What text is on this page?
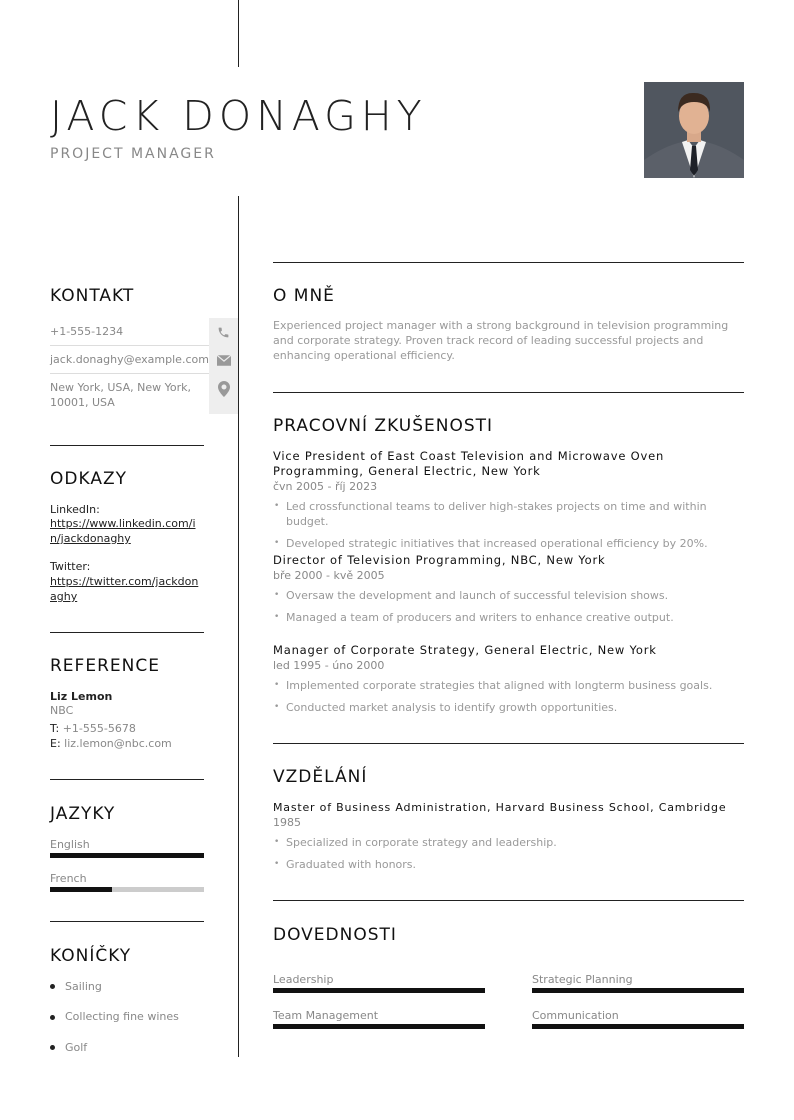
JACK DONAGHY
PROJECT MANAGER
KONTAKT
+1-555-1234
jack.donaghy@example.com
New York, USA, New York, 10001, USA
ODKAZY
LinkedIn:
https://www.linkedin.com/in/jackdonaghy
Twitter:
https://twitter.com/jackdonaghy
REFERENCE
Liz Lemon
NBC
T: +1-555-5678
E: liz.lemon@nbc.com
JAZYKY
English
French
KONÍČKY
Sailing
Collecting fine wines
Golf
O MNĚ
Experienced project manager with a strong background in television programming and corporate strategy. Proven track record of leading successful projects and enhancing operational efficiency.
PRACOVNÍ ZKUŠENOSTI
Vice President of East Coast Television and Microwave Oven Programming, General Electric, New York
čvn 2005 - říj 2023
• Led crossfunctional teams to deliver high-stakes projects on time and within budget.
• Developed strategic initiatives that increased operational efficiency by 20%.
Director of Television Programming, NBC, New York
bře 2000 - kvě 2005
• Oversaw the development and launch of successful television shows.
• Managed a team of producers and writers to enhance creative output.
Manager of Corporate Strategy, General Electric, New York
led 1995 - úno 2000
• Implemented corporate strategies that aligned with longterm business goals.
• Conducted market analysis to identify growth opportunities.
VZDĚLÁNÍ
Master of Business Administration, Harvard Business School, Cambridge
1985
• Specialized in corporate strategy and leadership.
• Graduated with honors.
DOVEDNOSTI
Leadership	Strategic Planning
Team Management	Communication
